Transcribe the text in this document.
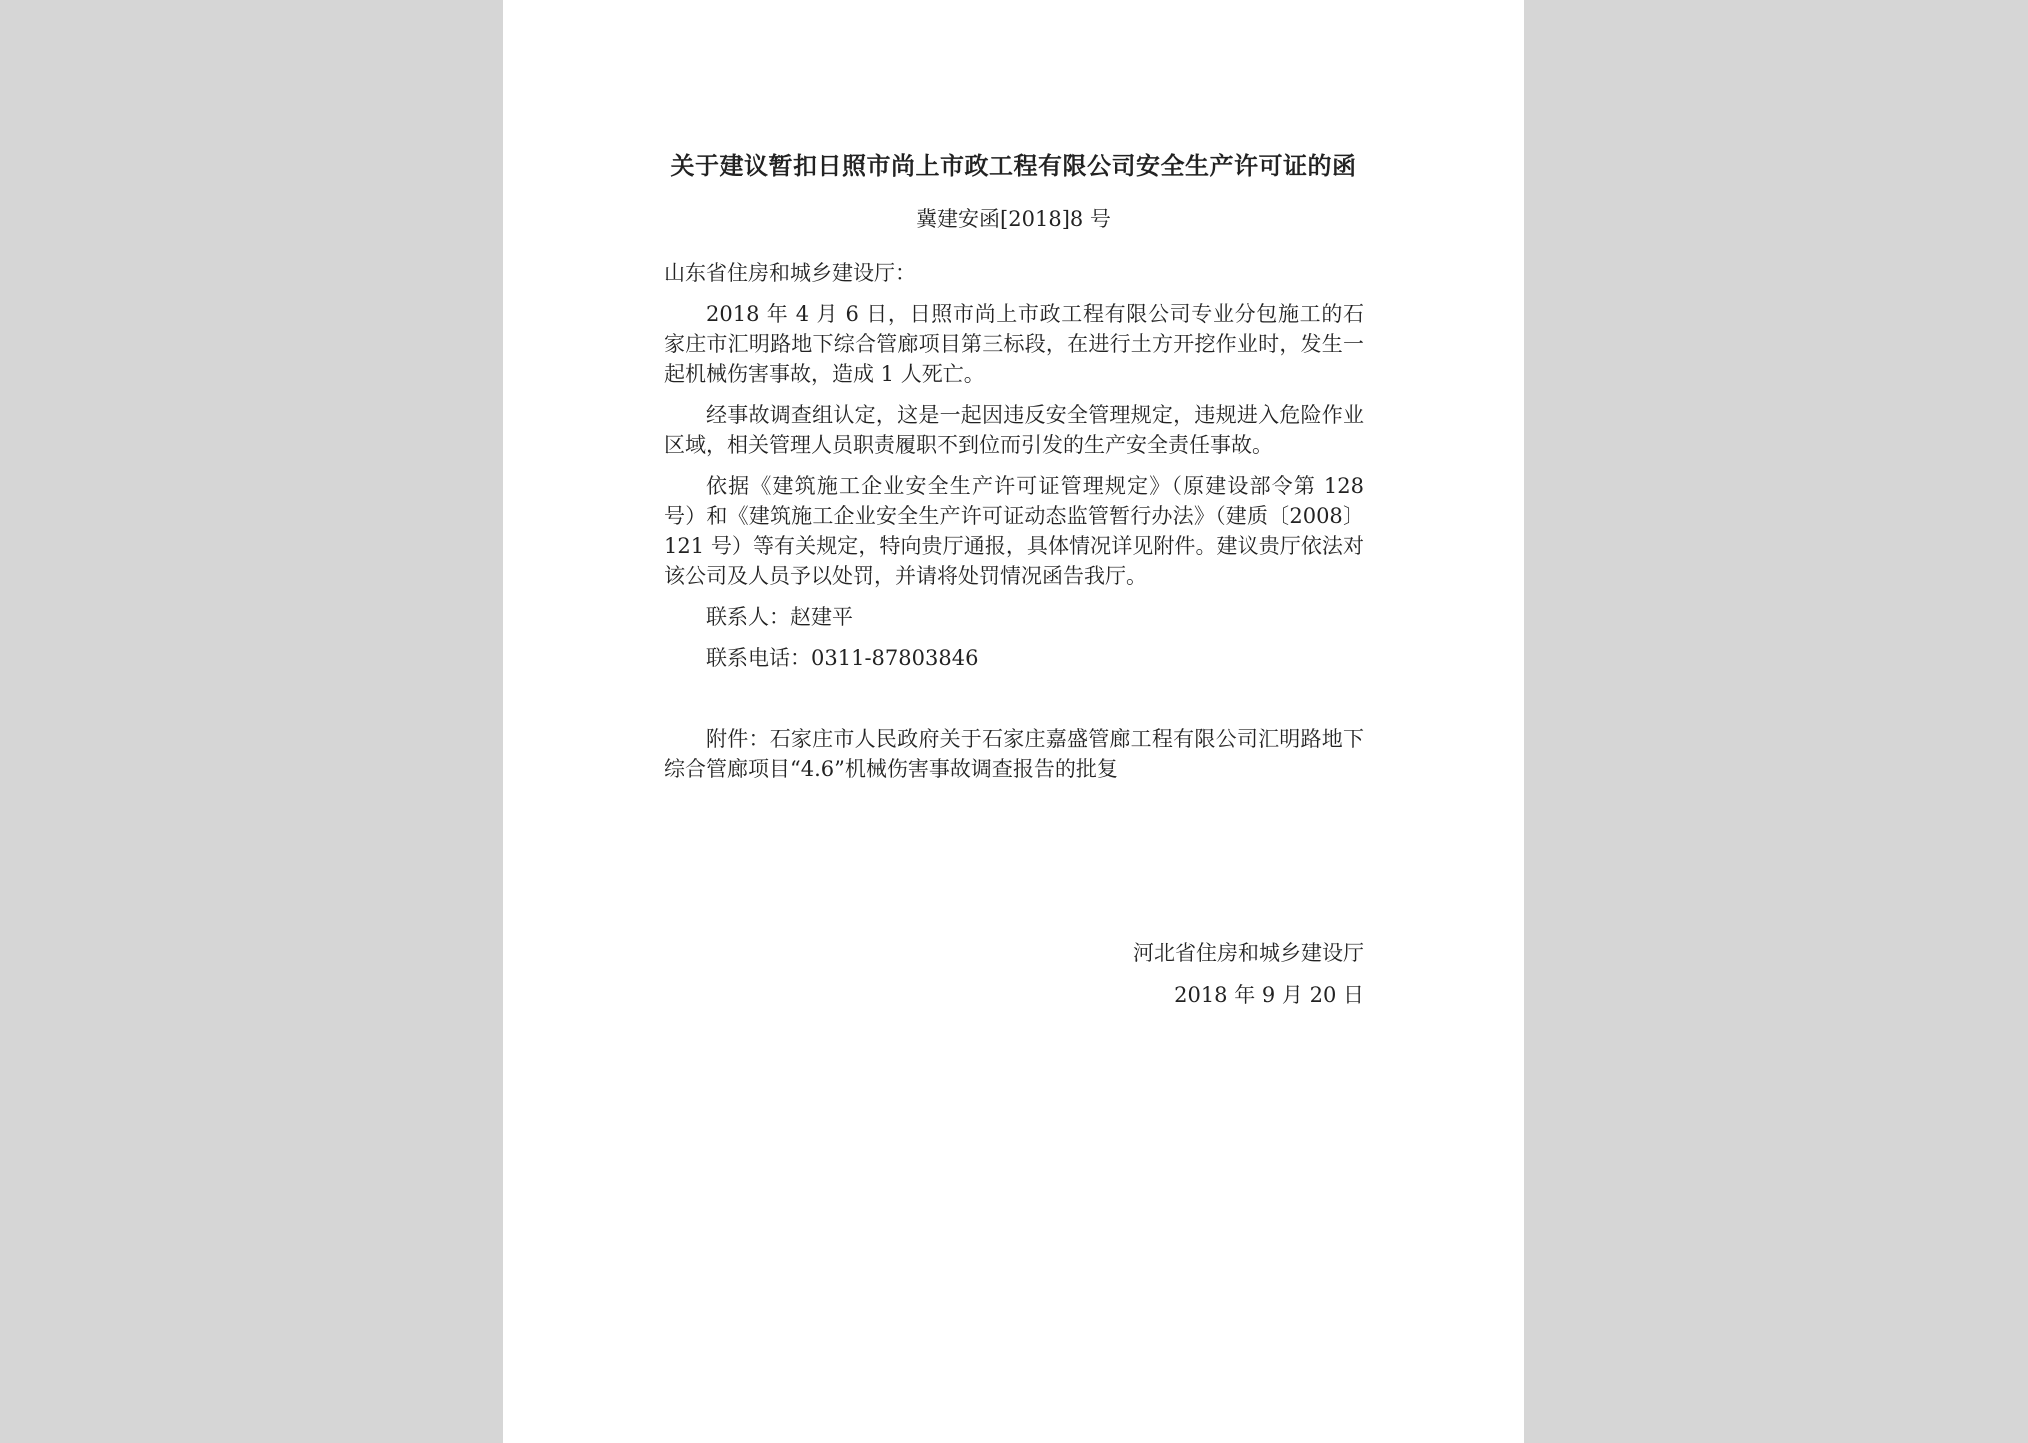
关于建议暂扣日照市尚上市政工程有限公司安全生产许可证的函
冀建安函[2018]8 号

山东省住房和城乡建设厅：

2018 年 4 月 6 日，日照市尚上市政工程有限公司专业分包施工的石家庄市汇明路地下综合管廊项目第三标段，在进行土方开挖作业时，发生一起机械伤害事故，造成 1 人死亡。

经事故调查组认定，这是一起因违反安全管理规定，违规进入危险作业区域，相关管理人员职责履职不到位而引发的生产安全责任事故。

依据《建筑施工企业安全生产许可证管理规定》（原建设部令第 128 号）和《建筑施工企业安全生产许可证动态监管暂行办法》（建质〔2008〕121 号）等有关规定，特向贵厅通报，具体情况详见附件。建议贵厅依法对该公司及人员予以处罚，并请将处罚情况函告我厅。

联系人：赵建平

联系电话：0311-87803846

附件：石家庄市人民政府关于石家庄嘉盛管廊工程有限公司汇明路地下综合管廊项目“4.6”机械伤害事故调查报告的批复

河北省住房和城乡建设厅
2018 年 9 月 20 日
